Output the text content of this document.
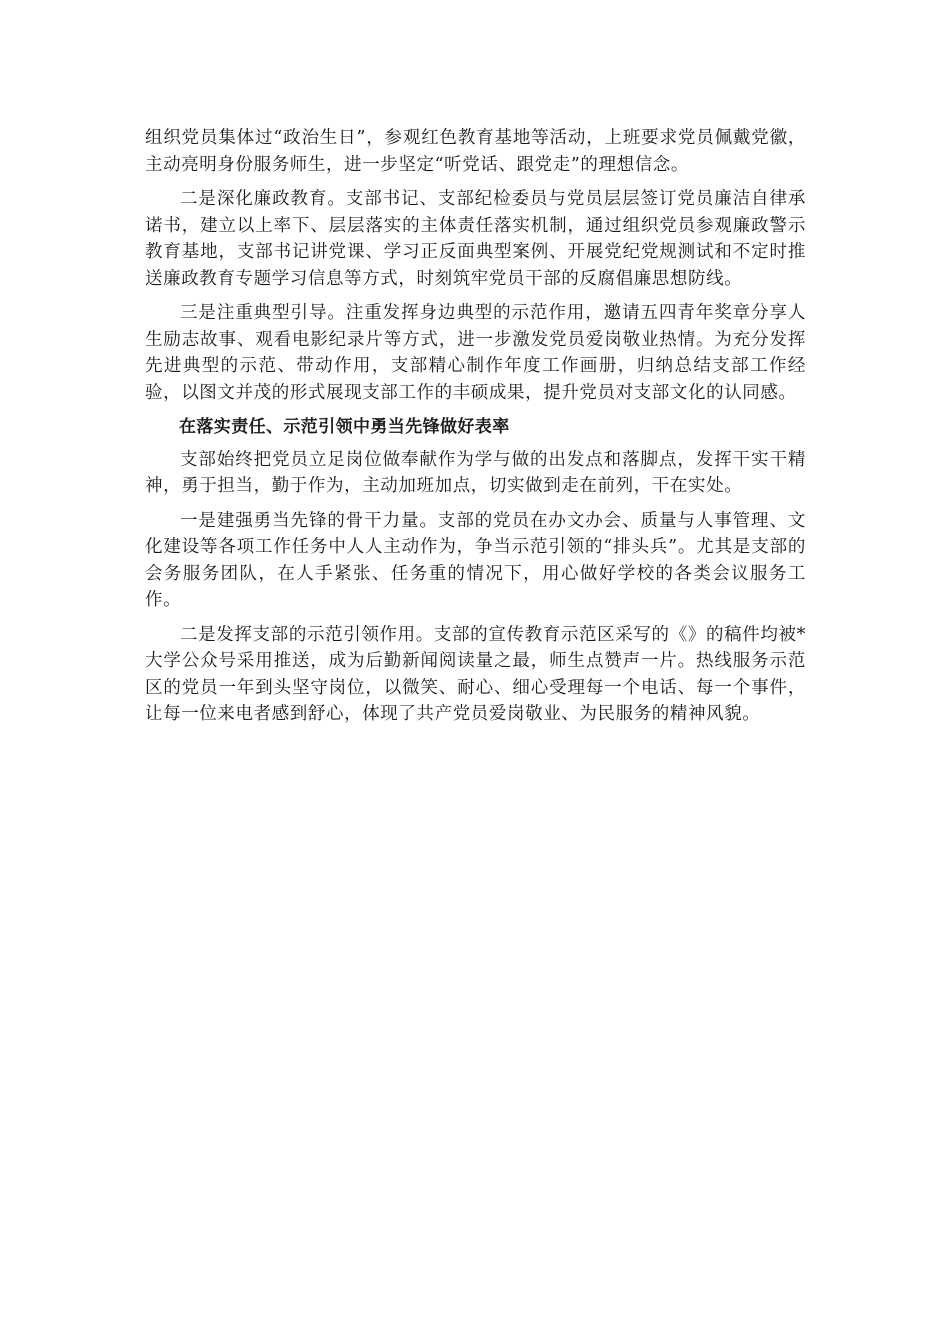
组织党员集体过“政治生日”，参观红色教育基地等活动，上班要求党员佩戴党徽，主动亮明身份服务师生，进一步坚定“听党话、跟党走”的理想信念。

二是深化廉政教育。支部书记、支部纪检委员与党员层层签订党员廉洁自律承诺书，建立以上率下、层层落实的主体责任落实机制，通过组织党员参观廉政警示教育基地，支部书记讲党课、学习正反面典型案例、开展党纪党规测试和不定时推送廉政教育专题学习信息等方式，时刻筑牢党员干部的反腐倡廉思想防线。

三是注重典型引导。注重发挥身边典型的示范作用，邀请五四青年奖章分享人生励志故事、观看电影纪录片等方式，进一步激发党员爱岗敬业热情。为充分发挥先进典型的示范、带动作用，支部精心制作年度工作画册，归纳总结支部工作经验，以图文并茂的形式展现支部工作的丰硕成果，提升党员对支部文化的认同感。

在落实责任、示范引领中勇当先锋做好表率

支部始终把党员立足岗位做奉献作为学与做的出发点和落脚点，发挥干实干精神，勇于担当，勤于作为，主动加班加点，切实做到走在前列，干在实处。

一是建强勇当先锋的骨干力量。支部的党员在办文办会、质量与人事管理、文化建设等各项工作任务中人人主动作为，争当示范引领的“排头兵”。尤其是支部的会务服务团队，在人手紧张、任务重的情况下，用心做好学校的各类会议服务工作。

二是发挥支部的示范引领作用。支部的宣传教育示范区采写的《》的稿件均被*大学公众号采用推送，成为后勤新闻阅读量之最，师生点赞声一片。热线服务示范区的党员一年到头坚守岗位，以微笑、耐心、细心受理每一个电话、每一个事件，让每一位来电者感到舒心，体现了共产党员爱岗敬业、为民服务的精神风貌。
